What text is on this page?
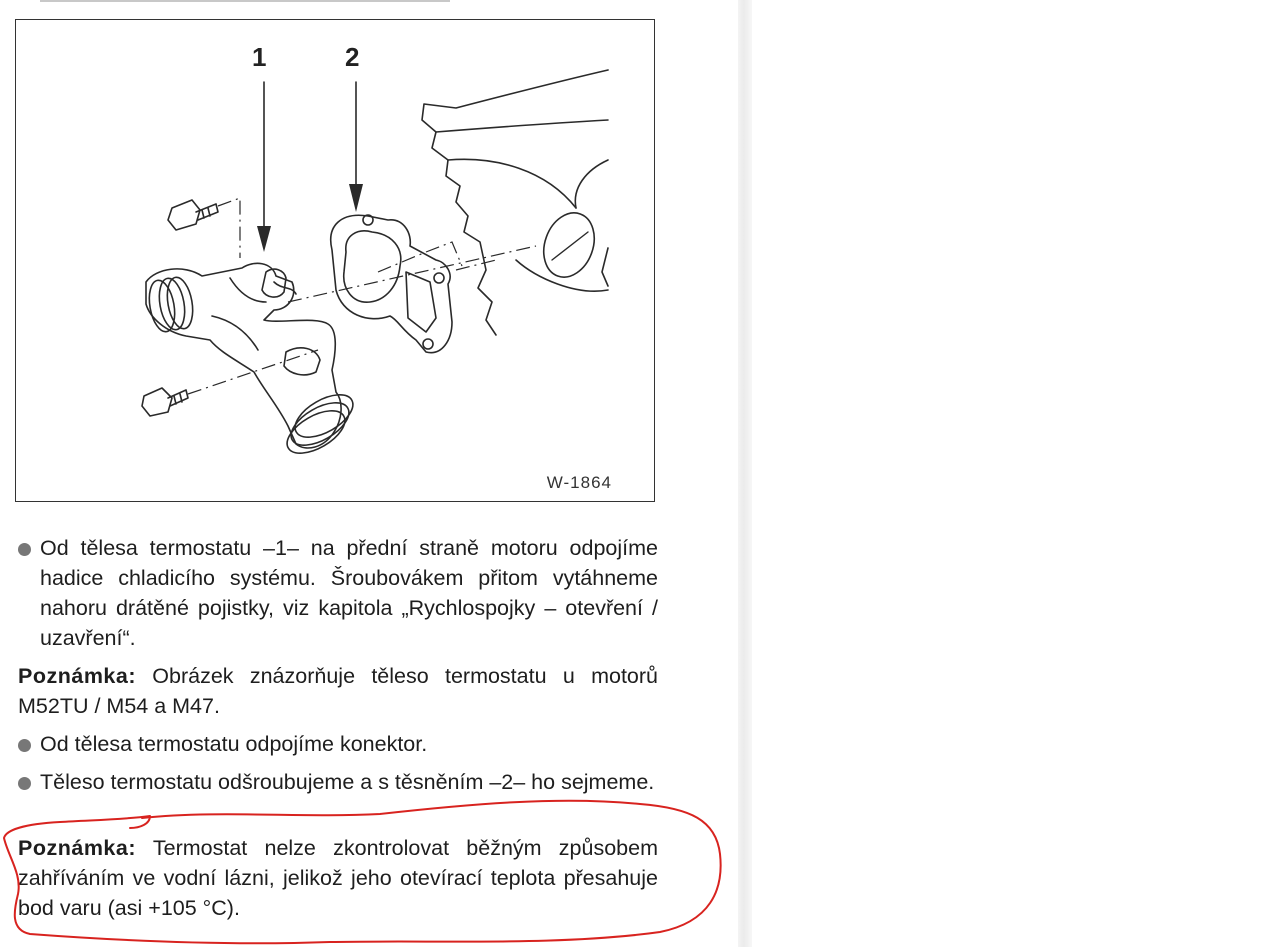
1	2
W-1864
Od tělesa termostatu –1– na přední straně motoru odpojíme hadice chladicího systému. Šroubovákem přitom vytáhneme nahoru drátěné pojistky, viz kapitola „Rychlospojky – otevření / uzavření“.
Poznámka: Obrázek znázorňuje těleso termostatu u motorů M52TU / M54 a M47.
Od tělesa termostatu odpojíme konektor.
Těleso termostatu odšroubujeme a s těsněním –2– ho sejmeme.
Poznámka: Termostat nelze zkontrolovat běžným způsobem zahříváním ve vodní lázni, jelikož jeho otevírací teplota přesahuje bod varu (asi +105 °C).
